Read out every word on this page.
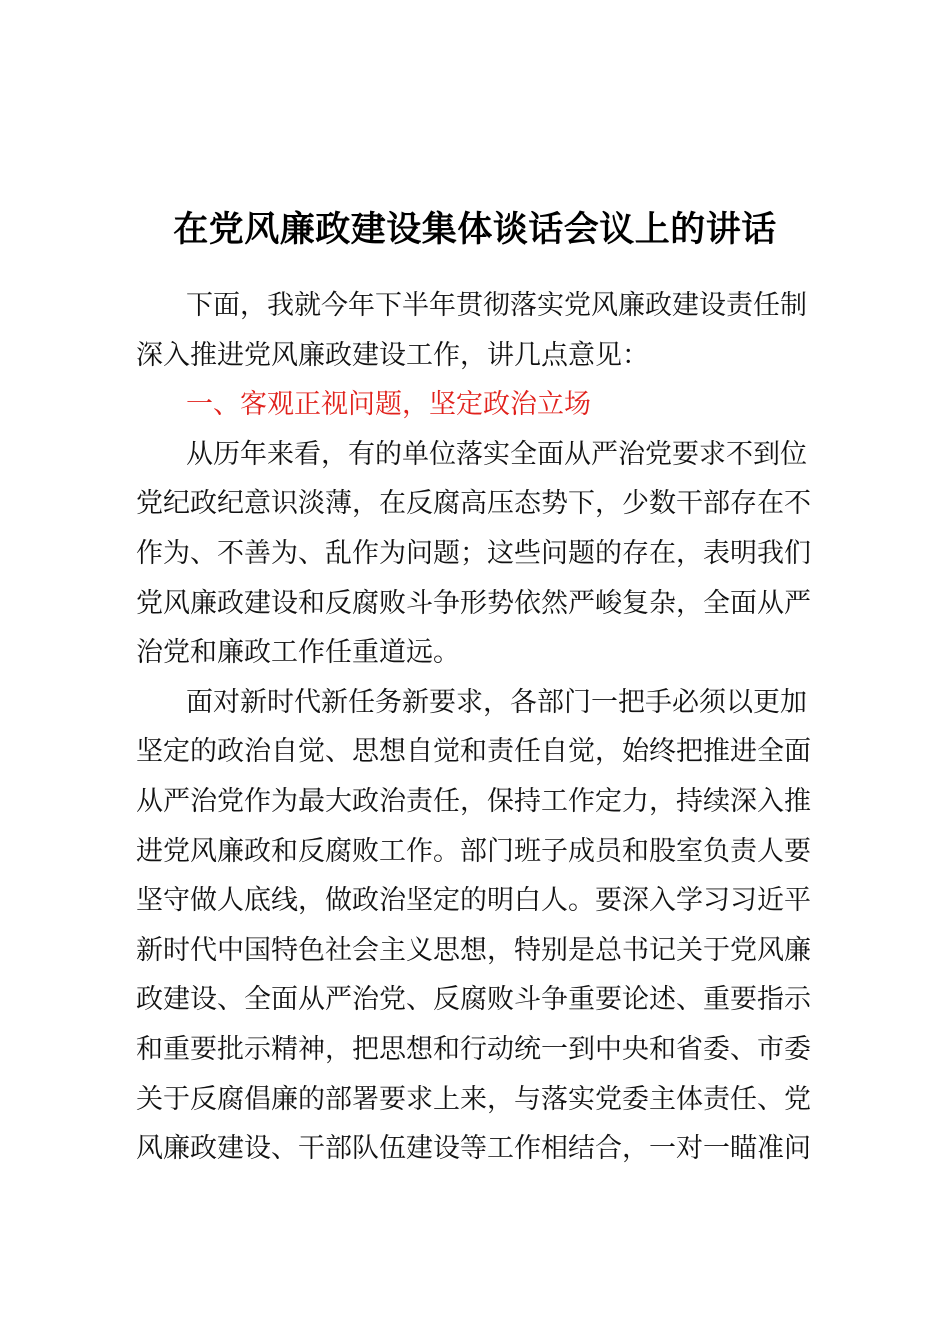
在党风廉政建设集体谈话会议上的讲话
下面，我就今年下半年贯彻落实党风廉政建设责任制
深入推进党风廉政建设工作，讲几点意见：
一、客观正视问题，坚定政治立场
从历年来看，有的单位落实全面从严治党要求不到位
党纪政纪意识淡薄，在反腐高压态势下，少数干部存在不
作为、不善为、乱作为问题；这些问题的存在，表明我们
党风廉政建设和反腐败斗争形势依然严峻复杂，全面从严
治党和廉政工作任重道远。
面对新时代新任务新要求，各部门一把手必须以更加
坚定的政治自觉、思想自觉和责任自觉，始终把推进全面
从严治党作为最大政治责任，保持工作定力，持续深入推
进党风廉政和反腐败工作。部门班子成员和股室负责人要
坚守做人底线，做政治坚定的明白人。要深入学习习近平
新时代中国特色社会主义思想，特别是总书记关于党风廉
政建设、全面从严治党、反腐败斗争重要论述、重要指示
和重要批示精神，把思想和行动统一到中央和省委、市委
关于反腐倡廉的部署要求上来，与落实党委主体责任、党
风廉政建设、干部队伍建设等工作相结合，一对一瞄准问
